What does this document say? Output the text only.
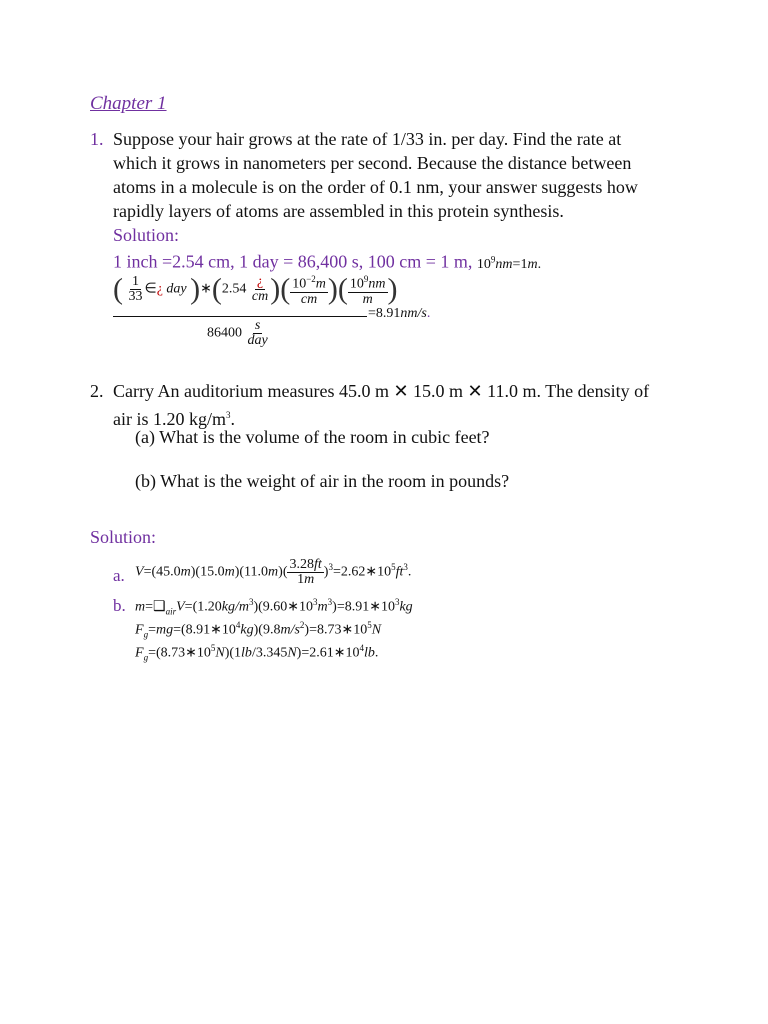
Chapter 1
1. Suppose your hair grows at the rate of 1/33 in. per day. Find the rate at
which it grows in nanometers per second. Because the distance between
atoms in a molecule is on the order of 0.1 nm, your answer suggests how
rapidly layers of atoms are assembled in this protein synthesis.
Solution:
1 inch =2.54 cm, 1 day = 86,400 s, 100 cm = 1 m, $10^9nm=1m$.
( $\frac{1}{33}$ ∈¿ day )∗(2.54 $\frac{¿}{cm}$ )( $\frac{10^{-2}m}{cm}$ )( $\frac{10^9nm}{m}$ )
=8.91nm/s.
$86400 \frac{s}{\text{day}}$
2. Carry An auditorium measures 45.0 m ✕ 15.0 m ✕ 11.0 m. The density of
air is 1.20 $kg/m^3$.
(a) What is the volume of the room in cubic feet?
(b) What is the weight of air in the room in pounds?
Solution:
a. $V=(45.0m)(15.0m)(11.0m)( \frac{3.28ft}{1m}$ )$^3=2.62∗10^5ft^3$.
b. $m=❑_{air}V=(1.20kg/m^3)(9.60∗10^3m^3)=8.91∗10^3kg$
$F_g=mg=(8.91∗10^4kg)(9.8m/s^2)=8.73∗10^5N$
$F_g=(8.73∗10^5N)(1lb/3.345N)=2.61∗10^4lb$.
